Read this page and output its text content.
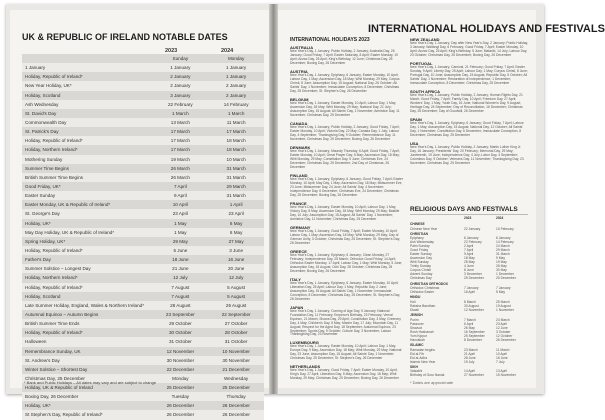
UK & REPUBLIC OF IRELAND NOTABLE DATES
2023	2024
Sunday	Monday
1 January	1 January	1 January
Holiday, Republic of Ireland*	2 January	1 January
New Year Holiday, UK*	2 January	2 January
Holiday, Scotland	3 January	2 January
Ash Wednesday	22 February	14 February
St. David's Day	1 March	1 March
Commonwealth Day	13 March	11 March
St. Patrick's Day	17 March	17 March
Holiday, Republic of Ireland*	17 March	18 March
Holiday, Northern Ireland*	17 March	18 March
Mothering Sunday	19 March	10 March
Summer Time Begins	26 March	31 March
British Summer Time Begins	26 March	31 March
Good Friday, UK*	7 April	29 March
Easter Sunday	9 April	31 March
Easter Monday, UK & Republic of Ireland*	10 April	1 April
St. George's Day	23 April	23 April
Holiday, UK*	1 May	6 May
May Day Holiday, UK & Republic of Ireland*	1 May	6 May
Spring Holiday, UK*	29 May	27 May
Holiday, Republic of Ireland*	5 June	3 June
Father's Day	18 June	16 June
Summer Solstice – Longest Day	21 June	20 June
Holiday, Northern Ireland*	12 July	12 July
Holiday, Republic of Ireland*	7 August	5 August
Holiday, Scotland	7 August	5 August
Late Summer Holiday, England, Wales & Northern Ireland*	28 August	26 August
Autumnal Equinox – Autumn Begins	23 September	22 September
British Summer Time Ends	29 October	27 October
Holiday, Republic of Ireland*	30 October	28 October
Halloween	31 October	31 October
Remembrance Sunday, UK	12 November	10 November
St. Andrew's Day	30 November	30 November
Winter Solstice – Shortest Day	22 December	21 December
Christmas Day, 25 December	Monday	Wednesday
Holiday, UK & Republic of Ireland	25 December	25 December
Boxing Day, 26 December	Tuesday	Thursday
Holiday, UK*	26 December	26 December
St Stephen's Day, Republic of Ireland*	26 December	26 December
* Bank and Public Holidays – All dates may vary and are subject to change
INTERNATIONAL HOLIDAYS AND FESTIVALS
INTERNATIONAL HOLIDAYS 2023
AUSTRALIA
New Year's Day, 1 January; Public Holiday, 2 January; Australia Day, 26 January; Good Friday, 7 April; Easter Saturday, 8 April; Easter Monday, 10 April; Anzac Day, 25 April; King's Birthday, 12 June; Christmas Day, 25 December; Boxing Day, 26 December
AUSTRIA
New Year's Day, 1 January; Epiphany, 6 January; Easter Monday, 10 April; Labour Day, 1 May; Ascension Day, 18 May; Whit Monday, 29 May; Corpus Christi, 8 June; Assumption Day, 15 August; National Day, 26 October; All Saints' Day, 1 November; Immaculate Conception, 8 December; Christmas Day, 25 December; St. Stephen's Day, 26 December
BELGIUM
New Year's Day, 1 January; Easter Monday, 10 April; Labour Day, 1 May; Ascension Day, 18 May; Whit Monday, 29 May; National Day, 21 July; Assumption Day, 15 August; All Saints' Day, 1 November; Armistice Day, 11 November; Christmas Day, 25 December
CANADA
New Year's Day, 1 January; Public Holiday, 2 January; Good Friday, 7 April; Easter Monday, 10 April; Victoria Day, 22 May; Canada Day, 1 July; Labour Day, 4 September; Thanksgiving Day, 9 October; Remembrance Day, 11 November; Christmas Day, 25 December; Boxing Day, 26 December
DENMARK
New Year's Day, 1 January; Maundy Thursday, 6 April; Good Friday, 7 April; Easter Monday, 10 April; Great Prayer Day, 5 May; Ascension Day, 18 May; Whit Monday, 29 May; Constitution Day, 5 June; Christmas Eve, 24 December; Christmas Day, 25 December; 2nd Day of Christmas, 26 December
FINLAND
New Year's Day, 1 January; Epiphany, 6 January; Good Friday, 7 April; Easter Monday, 10 April; May Day, 1 May; Ascension Day, 18 May; Midsummer Eve, 23 June; Midsummer Day, 24 June; All Saints' Day, 4 November; Independence Day, 6 December; Christmas Eve, 24 December; Christmas Day, 25 December; Boxing Day, 26 December
FRANCE
New Year's Day, 1 January; Easter Monday, 10 April; Labour Day, 1 May; Victory Day, 8 May; Ascension Day, 18 May; Whit Monday, 29 May; Bastille Day, 14 July; Assumption Day, 15 August; All Saints' Day, 1 November; Armistice Day, 11 November; Christmas Day, 25 December
GERMANY
New Year's Day, 1 January; Good Friday, 7 April; Easter Monday, 10 April; Labour Day, 1 May; Ascension Day, 18 May; Whit Monday, 29 May; Day of German Unity, 3 October; Christmas Day, 25 December; St. Stephen's Day, 26 December
GREECE
New Year's Day, 1 January; Epiphany, 6 January; Clean Monday, 27 February; Independence Day, 25 March; Orthodox Good Friday, 14 April; Orthodox Easter Monday, 17 April; Labour Day, 1 May; Whit Monday, 5 June; Assumption Day, 15 August; Ochi Day, 28 October; Christmas Day, 25 December; Boxing Day, 26 December
ITALY
New Year's Day, 1 January; Epiphany, 6 January; Easter Monday, 10 April; Liberation Day, 25 April; Labour Day, 1 May; Republic Day, 2 June; Assumption Day, 15 August; All Saints' Day, 1 November; Immaculate Conception, 8 December; Christmas Day, 25 December; St. Stephen's Day, 26 December
JAPAN
New Year's Day, 1 January; Coming of Age Day, 9 January; National Foundation Day, 11 February; Emperor's Birthday, 23 February; Vernal Equinox, 21 March; Showa Day, 29 April; Constitution Day, 3 May; Greenery Day, 4 May; Children's Day, 5 May; Marine Day, 17 July; Mountain Day, 11 August; Respect for the Aged Day, 18 September; Autumnal Equinox, 23 September; Sports Day, 9 October; Culture Day, 3 November; Labour Thanksgiving Day, 23 November
LUXEMBOURG
New Year's Day, 1 January; Easter Monday, 10 April; Labour Day, 1 May; Europe Day, 9 May; Ascension Day, 18 May; Whit Monday, 29 May; National Day, 23 June; Assumption Day, 15 August; All Saints' Day, 1 November; Christmas Day, 25 December; St. Stephen's Day, 26 December
NETHERLANDS
New Year's Day, 1 January; Good Friday, 7 April; Easter Monday, 10 April; King's Day, 27 April; Liberation Day, 5 May; Ascension Day, 18 May; Whit Monday, 29 May; Christmas Day, 25 December; Boxing Day, 26 December
NEW ZEALAND
New Year's Day, 1 January; Day after New Year's Day, 2 January; Public Holiday, 3 January; Waitangi Day, 6 February; Good Friday, 7 April; Easter Monday, 10 April; Anzac Day, 25 April; King's Birthday, 5 June; Matariki, 14 July; Labour Day, 23 October; Christmas Day, 25 December; Boxing Day, 26 December
PORTUGAL
New Year's Day, 1 January; Carnival, 21 February; Good Friday, 7 April; Easter Sunday, 9 April; Liberty Day, 25 April; Labour Day, 1 May; Corpus Christi, 8 June; Portugal Day, 10 June; Assumption Day, 15 August; Republic Day, 5 October; All Saints' Day, 1 November; Restoration of Independence, 1 December; Immaculate Conception, 8 December; Christmas Day, 25 December
SOUTH AFRICA
New Year's Day, 1 January; Public Holiday, 2 January; Human Rights Day, 21 March; Good Friday, 7 April; Family Day, 10 April; Freedom Day, 27 April; Workers' Day, 1 May; Youth Day, 16 June; National Women's Day, 9 August; Heritage Day, 24 September; Day of Reconciliation, 16 December; Christmas Day, 25 December; Day of Goodwill, 26 December
SPAIN
New Year's Day, 1 January; Epiphany, 6 January; Good Friday, 7 April; Labour Day, 1 May; Assumption Day, 15 August; National Day, 12 October; All Saints' Day, 1 November; Constitution Day, 6 December; Immaculate Conception, 8 December; Christmas Day, 25 December
USA
New Year's Day, 1 January; Public Holiday, 2 January; Martin Luther King Jr. Day, 16 January; Presidents' Day, 20 February; Memorial Day, 29 May; Juneteenth, 19 June; Independence Day, 4 July; Labor Day, 4 September; Columbus Day, 9 October; Veterans Day, 11 November; Thanksgiving Day, 23 November; Christmas Day, 25 December
RELIGIOUS DAYS AND FESTIVALS
2023	2024
CHINESE
Chinese New Year	22 January	10 February
CHRISTIAN
Epiphany	6 January	6 January
Ash Wednesday	22 February	14 February
Palm Sunday	2 April	24 March
Good Friday	7 April	29 March
Easter Sunday	9 April	31 March
Ascension Day	18 May	9 May
Whit Sunday	28 May	19 May
Trinity Sunday	4 June	26 May
Corpus Christi	8 June	30 May
Advent Sunday	3 December	1 December
Christmas Day	25 December	25 December
CHRISTIAN ORTHODOX
Orthodox Christmas	7 January	7 January
Orthodox Easter	16 April	5 May
HINDU
Holi	8 March	25 March
Raksha Bandhan	30 August	19 August
Diwali	12 November	1 November
JEWISH
Purim	7 March	24 March
Passover	6 April	23 April
Shavuot	26 May	12 June
Rosh Hashanah	16 September	3 October
Yom Kippur	25 September	12 October
Hanukkah	8 December	26 December
ISLAMIC
Ramadan begins	23 March	11 March
Eid al-Fitr	21 April	10 April
Eid al-Adha	28 June	16 June
Islamic New Year	19 July	7 July
SIKH
Vaisakhi	14 April	13 April
Birthday of Guru Nanak	27 November	15 November
* Dates are approximate
